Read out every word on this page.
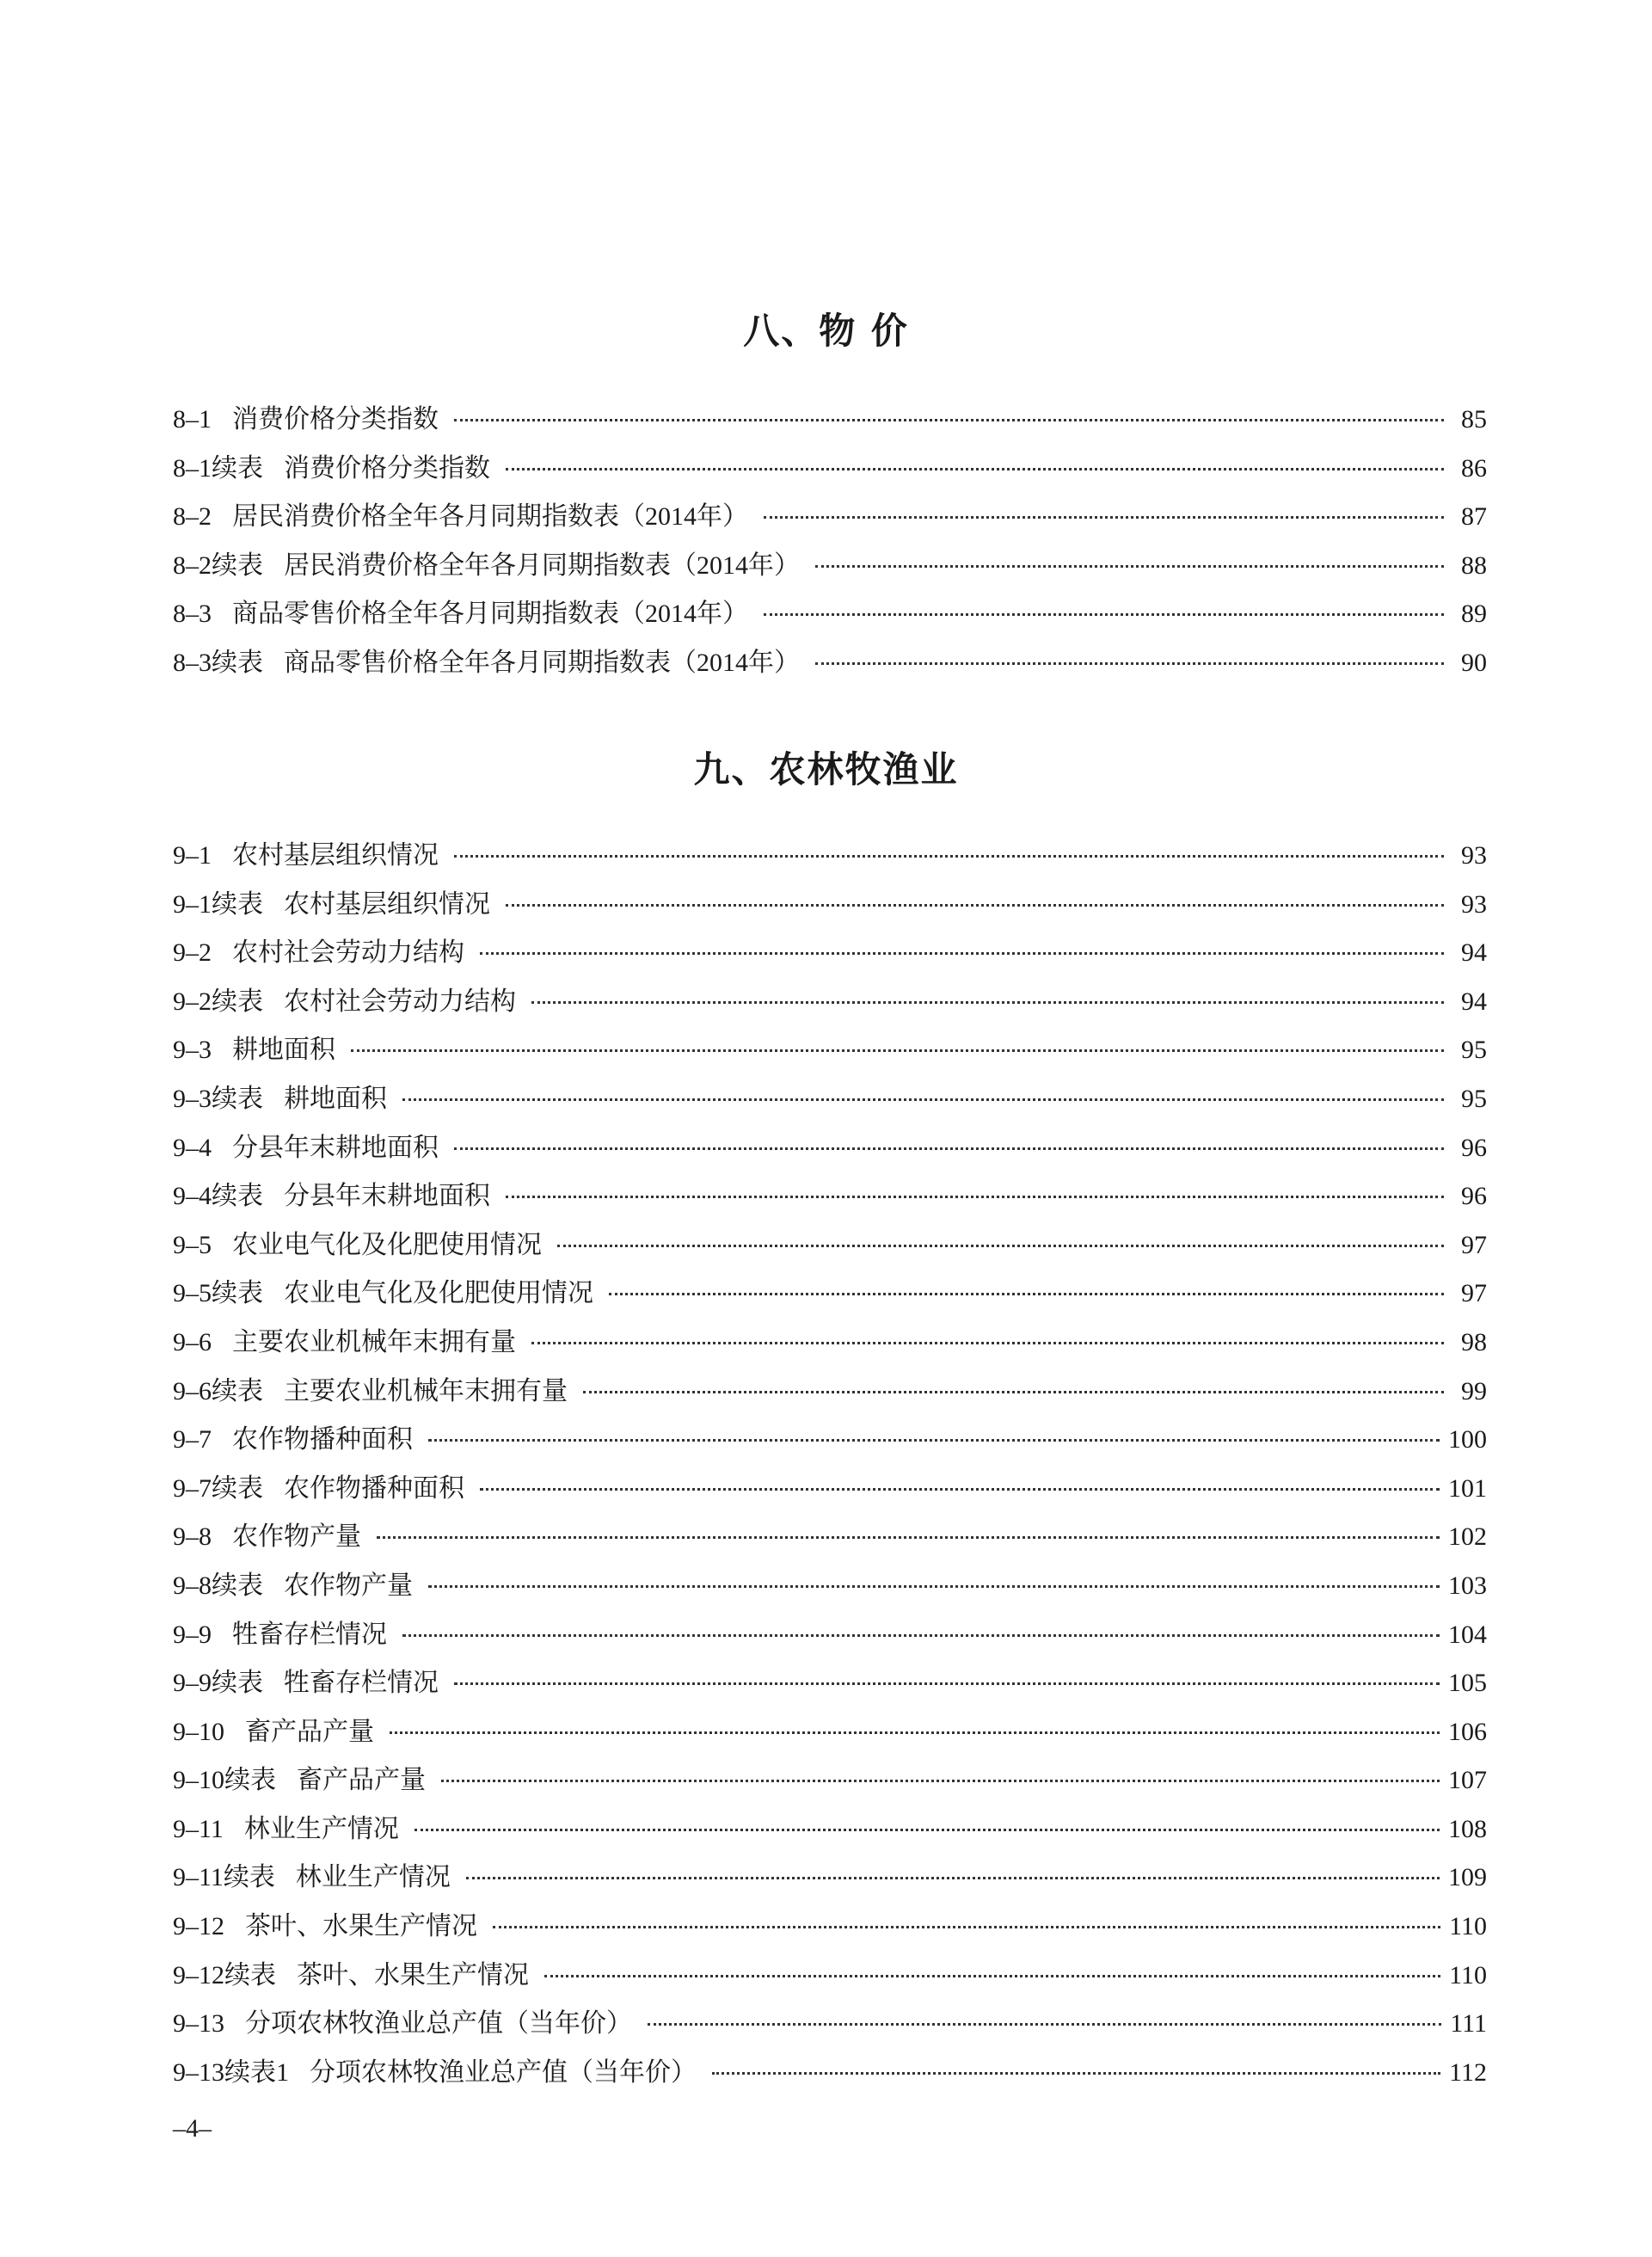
八、物 价
8–1 消费价格分类指数	85
8–1续表 消费价格分类指数	86
8–2 居民消费价格全年各月同期指数表（2014年）	87
8–2续表 居民消费价格全年各月同期指数表（2014年）	88
8–3 商品零售价格全年各月同期指数表（2014年）	89
8–3续表 商品零售价格全年各月同期指数表（2014年）	90
九、农林牧渔业
9–1 农村基层组织情况	93
9–1续表 农村基层组织情况	93
9–2 农村社会劳动力结构	94
9–2续表 农村社会劳动力结构	94
9–3 耕地面积	95
9–3续表 耕地面积	95
9–4 分县年末耕地面积	96
9–4续表 分县年末耕地面积	96
9–5 农业电气化及化肥使用情况	97
9–5续表 农业电气化及化肥使用情况	97
9–6 主要农业机械年末拥有量	98
9–6续表 主要农业机械年末拥有量	99
9–7 农作物播种面积	100
9–7续表 农作物播种面积	101
9–8 农作物产量	102
9–8续表 农作物产量	103
9–9 牲畜存栏情况	104
9–9续表 牲畜存栏情况	105
9–10 畜产品产量	106
9–10续表 畜产品产量	107
9–11 林业生产情况	108
9–11续表 林业生产情况	109
9–12 茶叶、水果生产情况	110
9–12续表 茶叶、水果生产情况	110
9–13 分项农林牧渔业总产值（当年价）	111
9–13续表1 分项农林牧渔业总产值（当年价）	112

–4–
